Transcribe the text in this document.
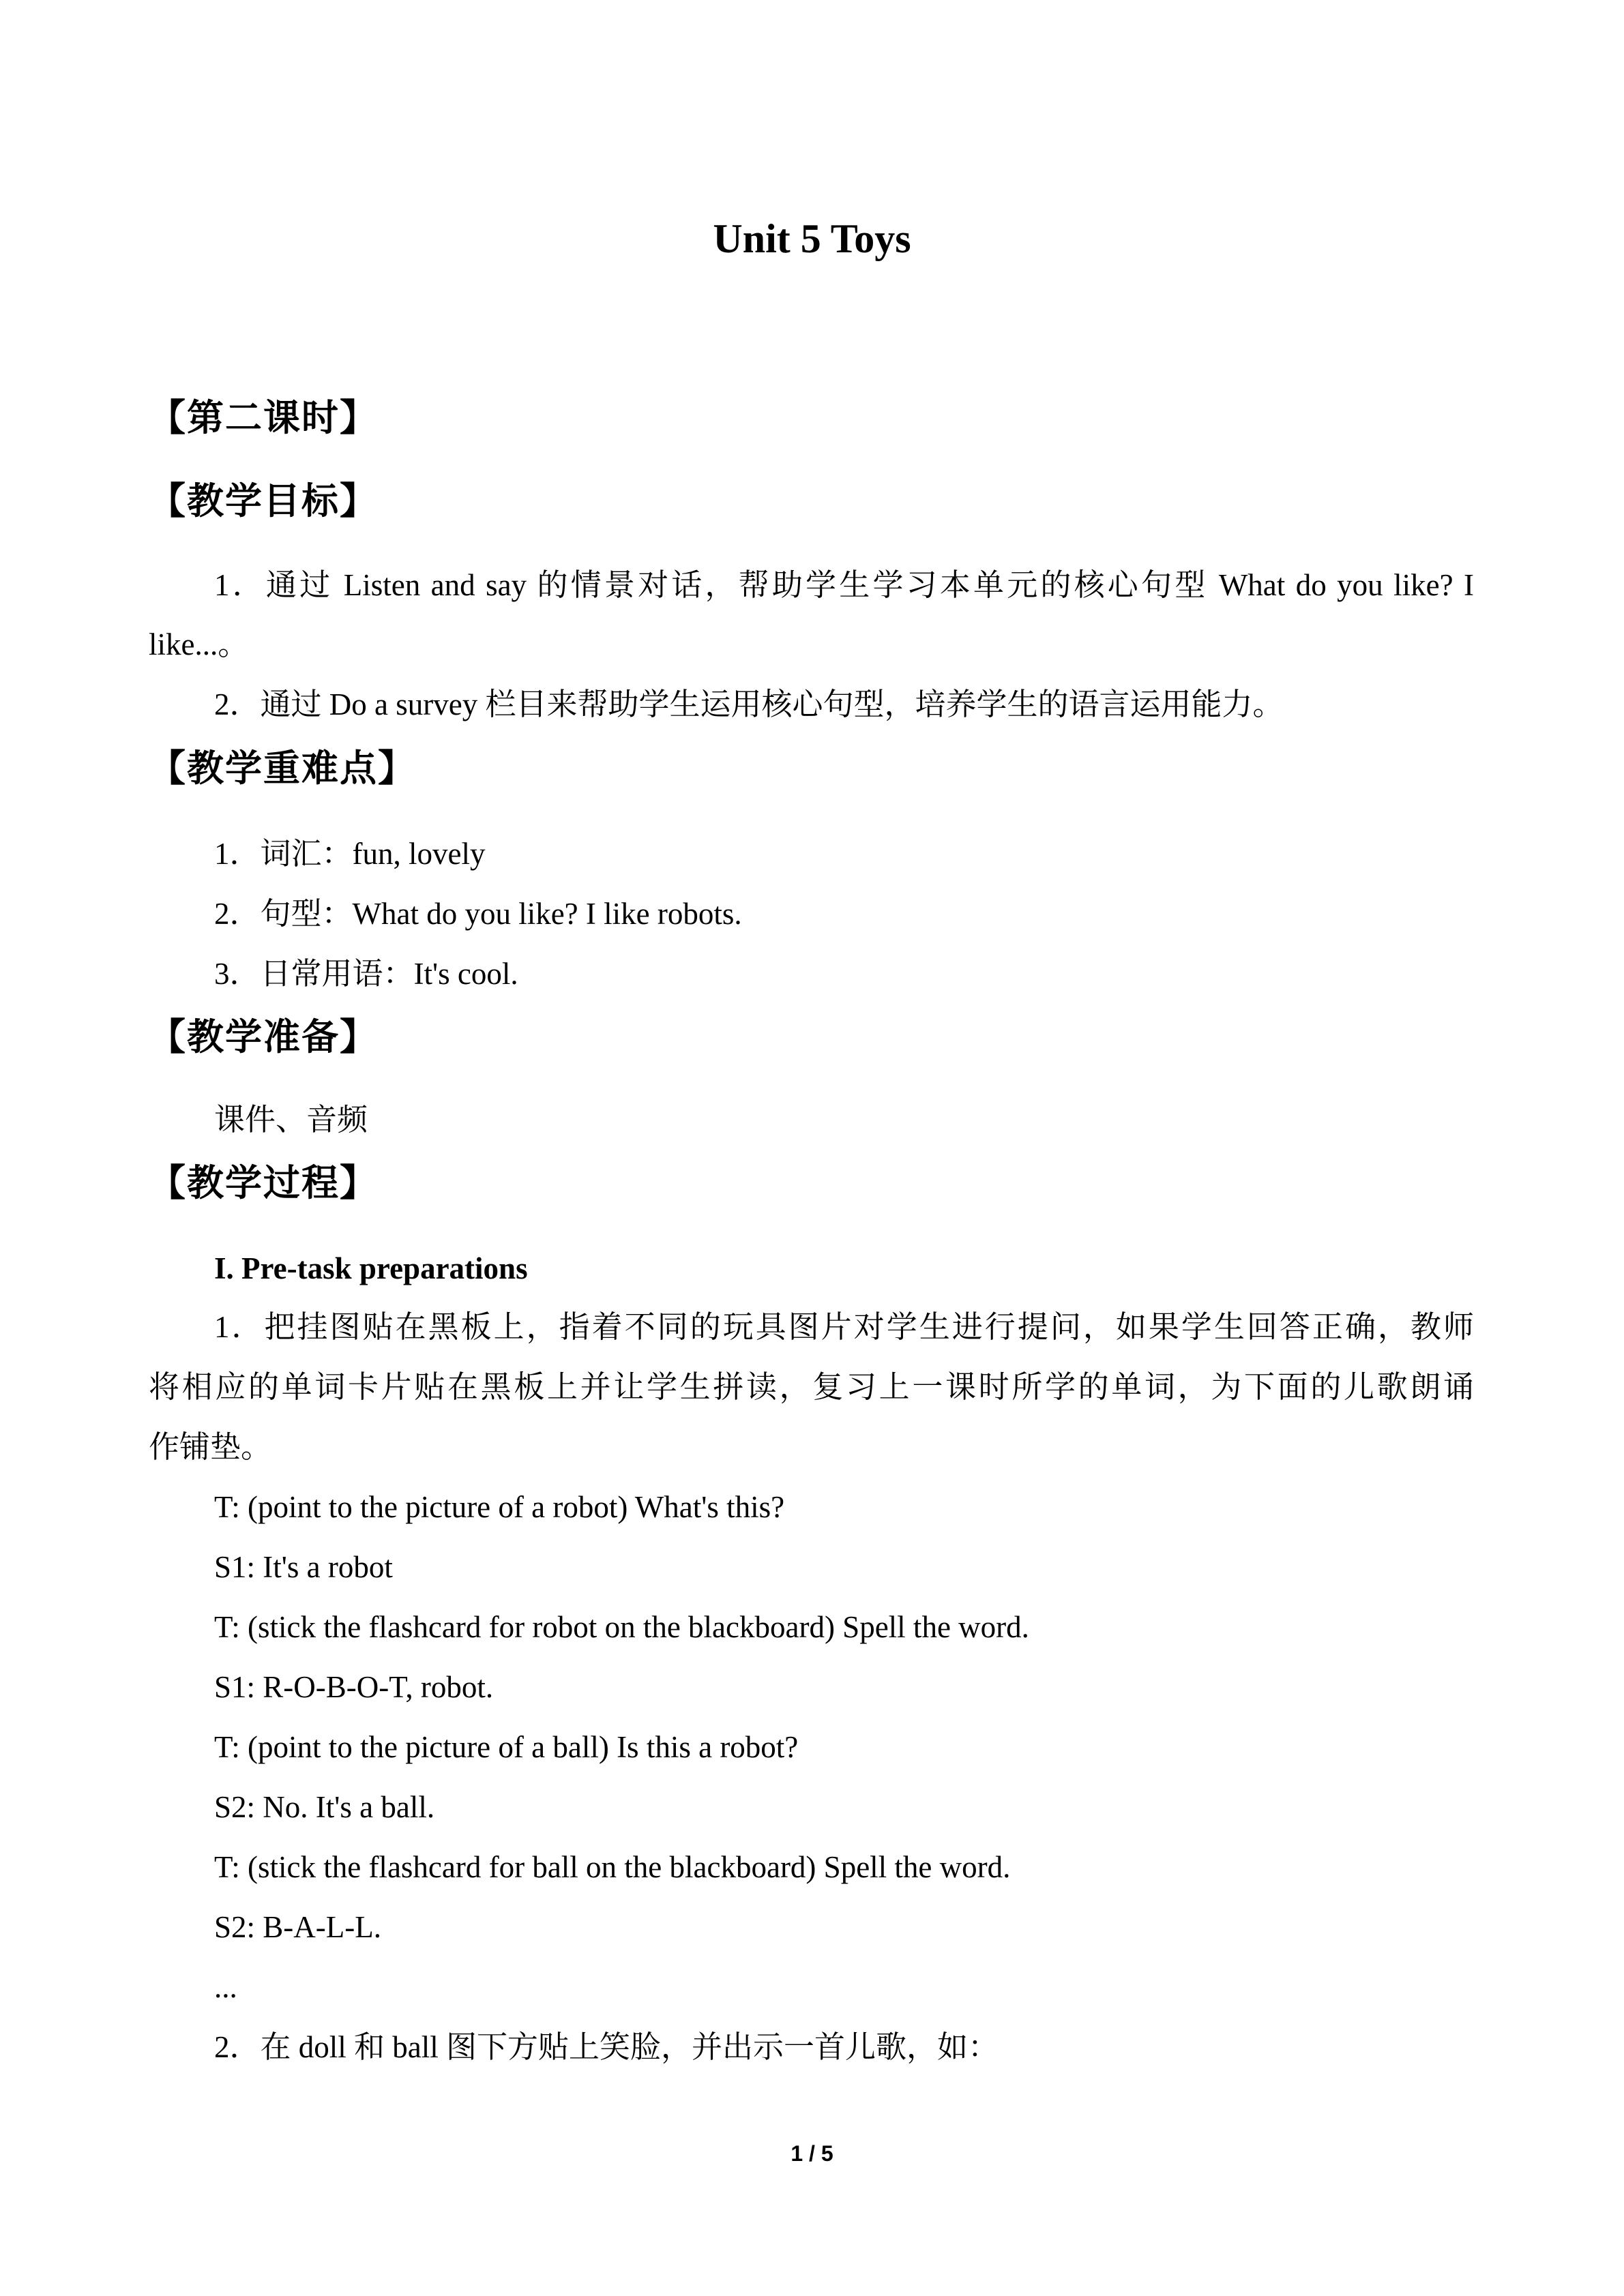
Unit 5 Toys
【第二课时】
【教学目标】
1．通过 Listen and say 的情景对话，帮助学生学习本单元的核心句型 What do you like? I
like...。
2．通过 Do a survey 栏目来帮助学生运用核心句型，培养学生的语言运用能力。
【教学重难点】
1．词汇：fun, lovely
2．句型：What do you like? I like robots.
3．日常用语：It's cool.
【教学准备】
课件、音频
【教学过程】
I. Pre-task preparations
1．把挂图贴在黑板上，指着不同的玩具图片对学生进行提问，如果学生回答正确，教师
将相应的单词卡片贴在黑板上并让学生拼读，复习上一课时所学的单词，为下面的儿歌朗诵
作铺垫。
T: (point to the picture of a robot) What's this?
S1: It's a robot
T: (stick the flashcard for robot on the blackboard) Spell the word.
S1: R-O-B-O-T, robot.
T: (point to the picture of a ball) Is this a robot?
S2: No. It's a ball.
T: (stick the flashcard for ball on the blackboard) Spell the word.
S2: B-A-L-L.
...
2．在 doll 和 ball 图下方贴上笑脸，并出示一首儿歌，如：
1 / 5
